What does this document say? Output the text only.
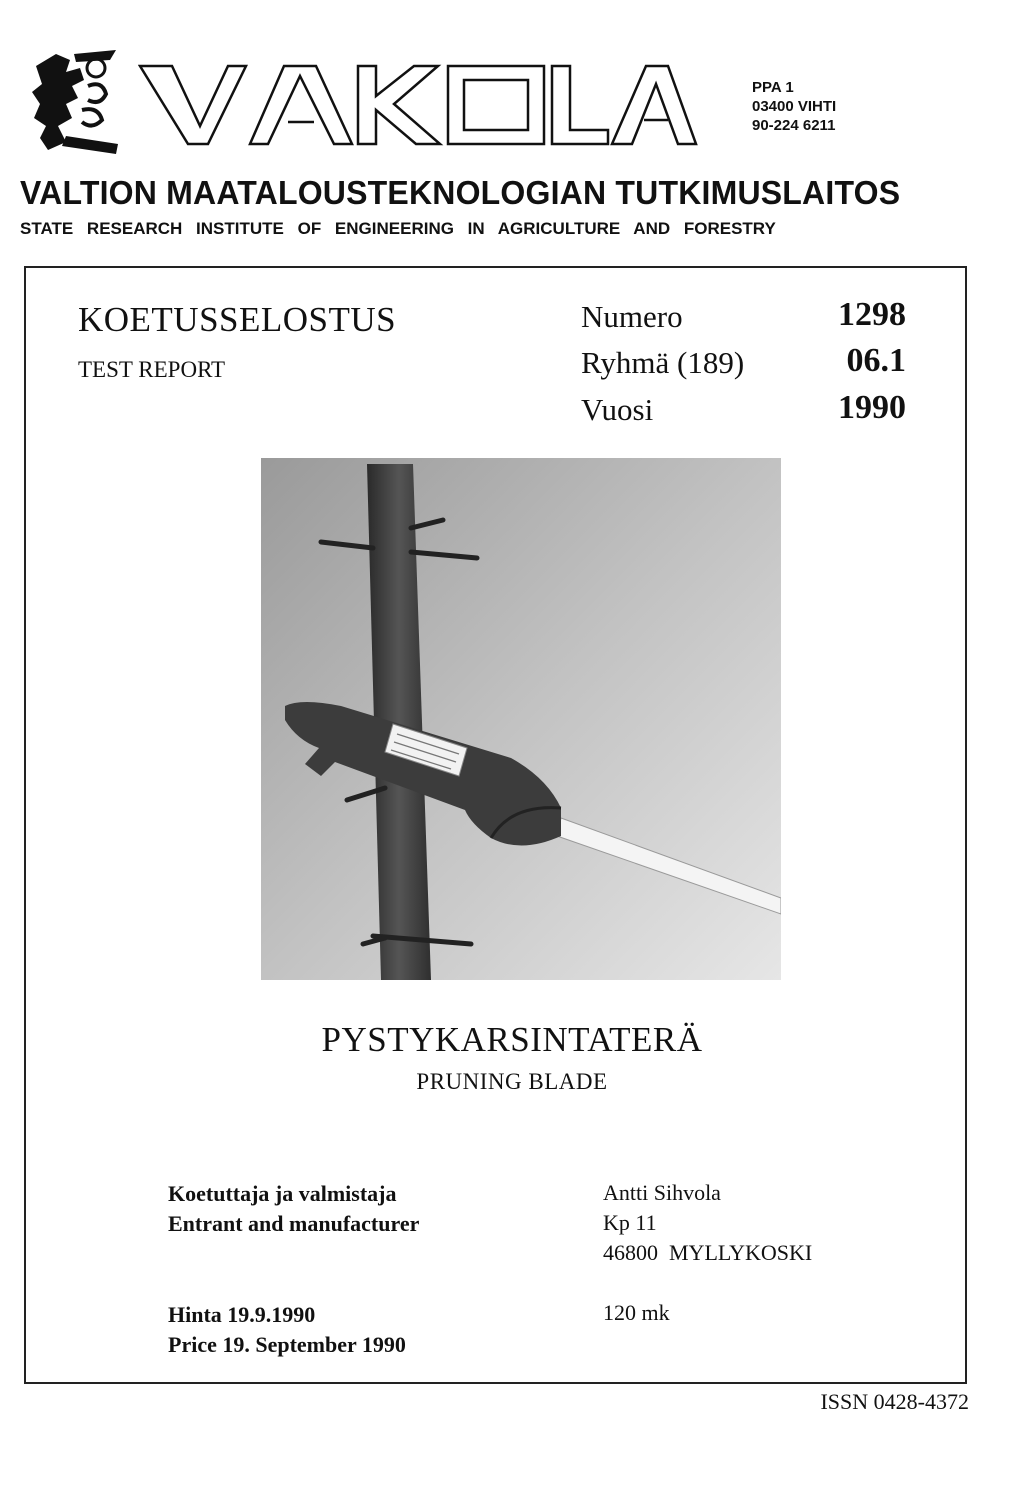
PPA 1
03400 VIHTI
90-224 6211
VALTION MAATALOUSTEKNOLOGIAN TUTKIMUSLAITOS
STATE RESEARCH INSTITUTE OF ENGINEERING IN AGRICULTURE AND FORESTRY
KOETUSSELOSTUS
TEST REPORT
Numero	1298
Ryhmä (189)	06.1
Vuosi	1990
PYSTYKARSINTATERÄ
PRUNING BLADE
Koetuttaja ja valmistaja
Entrant and manufacturer
Antti Sihvola
Kp 11
46800  MYLLYKOSKI
Hinta 19.9.1990
Price 19. September 1990
120 mk
ISSN 0428-4372
